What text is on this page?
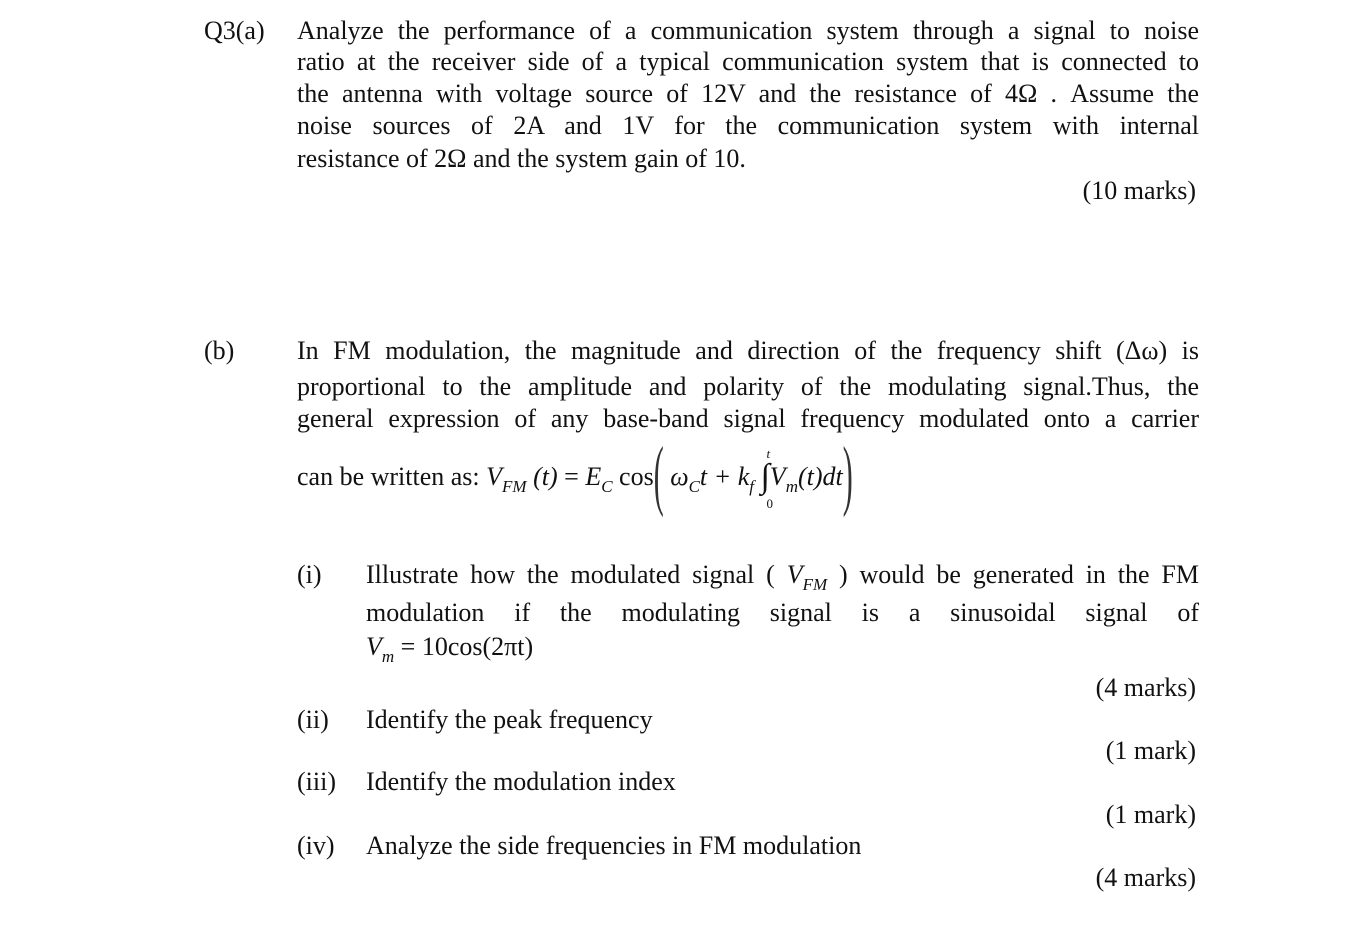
Q3(a) Analyze the performance of a communication system through a signal to noise
ratio at the receiver side of a typical communication system that is connected to
the antenna with voltage source of 12V and the resistance of 4Ω . Assume the
noise sources of 2A and 1V for the communication system with internal
resistance of 2Ω and the system gain of 10.
(10 marks)
(b) In FM modulation, the magnitude and direction of the frequency shift (Δω) is
proportional to the amplitude and polarity of the modulating signal.Thus, the
general expression of any base-band signal frequency modulated onto a carrier
can be written as: $V_{FM}$ $(t) = E_C$ cos( $\omega_Ct + k_f$ ∫
t
0
$V_m(t)dt$)
(i) Illustrate how the modulated signal ( $V_{FM}$ ) would be generated in the FM
modulation if the modulating signal is a sinusoidal signal of
$V_m = 10\cos(2\pi t)$
(4 marks)
(ii) Identify the peak frequency
(1 mark)
(iii) Identify the modulation index
(1 mark)
(iv) Analyze the side frequencies in FM modulation
(4 marks)
